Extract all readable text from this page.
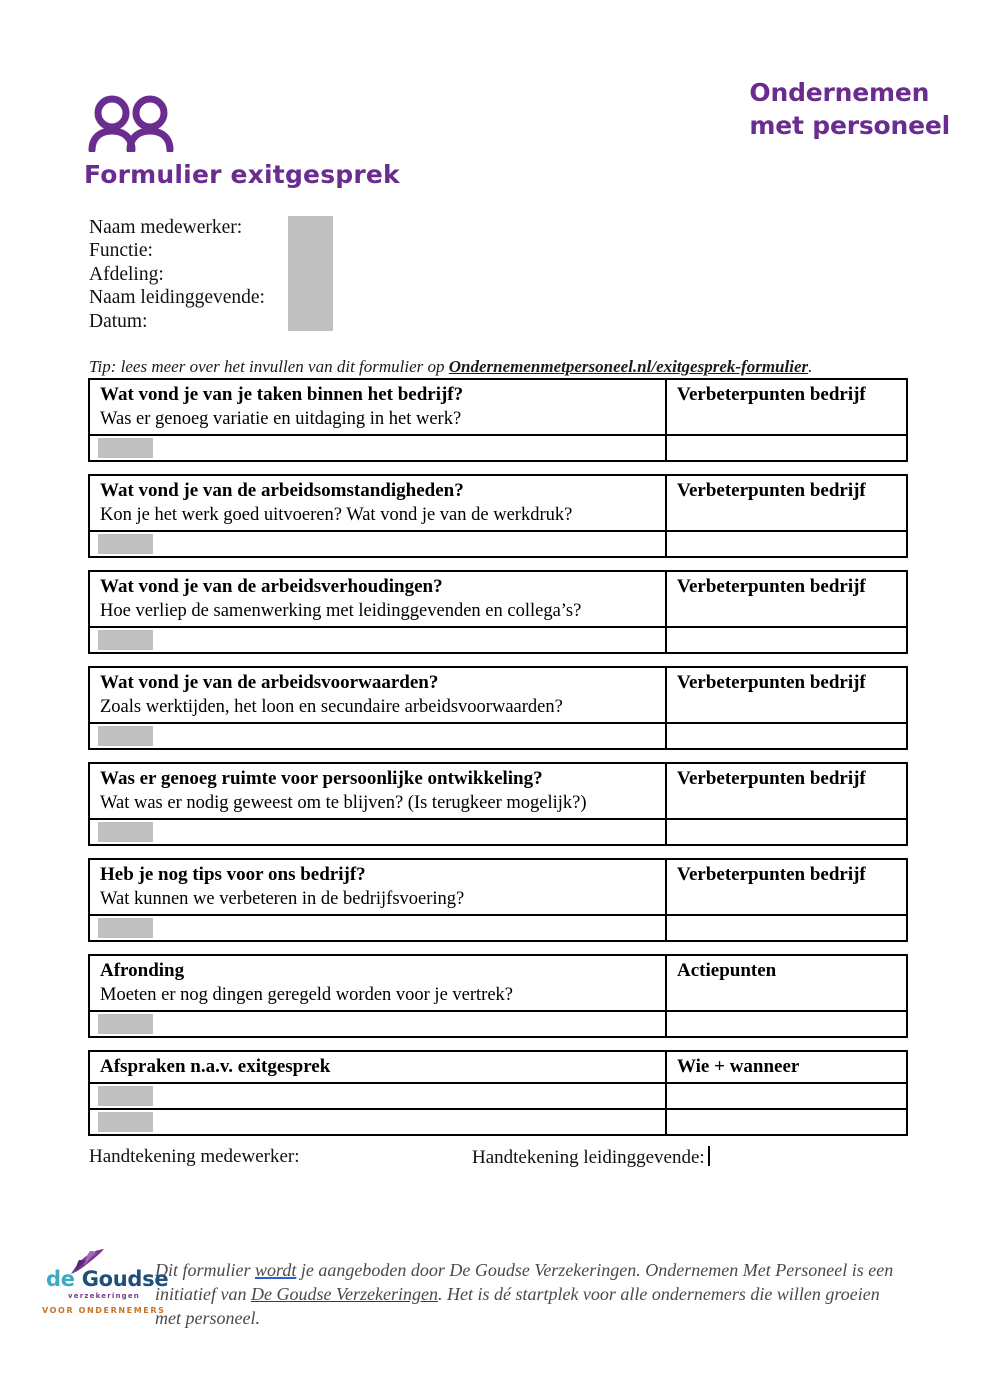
Ondernemen
met personeel
Formulier exitgesprek
Naam medewerker:
Functie:
Afdeling:
Naam leidinggevende:
Datum:
Tip: lees meer over het invullen van dit formulier op Ondernemenmetpersoneel.nl/exitgesprek-formulier.
Wat vond je van je taken binnen het bedrijf?
Was er genoeg variatie en uitdaging in het werk?
Verbeterpunten bedrijf
Wat vond je van de arbeidsomstandigheden?
Kon je het werk goed uitvoeren? Wat vond je van de werkdruk?
Verbeterpunten bedrijf
Wat vond je van de arbeidsverhoudingen?
Hoe verliep de samenwerking met leidinggevenden en collega’s?
Verbeterpunten bedrijf
Wat vond je van de arbeidsvoorwaarden?
Zoals werktijden, het loon en secundaire arbeidsvoorwaarden?
Verbeterpunten bedrijf
Was er genoeg ruimte voor persoonlijke ontwikkeling?
Wat was er nodig geweest om te blijven? (Is terugkeer mogelijk?)
Verbeterpunten bedrijf
Heb je nog tips voor ons bedrijf?
Wat kunnen we verbeteren in de bedrijfsvoering?
Verbeterpunten bedrijf
Afronding
Moeten er nog dingen geregeld worden voor je vertrek?
Actiepunten
Afspraken n.a.v. exitgesprek	Wie + wanneer
Handtekening medewerker:	Handtekening leidinggevende:
de Goudse
verzekeringen
VOOR ONDERNEMERS
Dit formulier wordt je aangeboden door De Goudse Verzekeringen. Ondernemen Met Personeel is een initiatief van De Goudse Verzekeringen. Het is dé startplek voor alle ondernemers die willen groeien met personeel.
